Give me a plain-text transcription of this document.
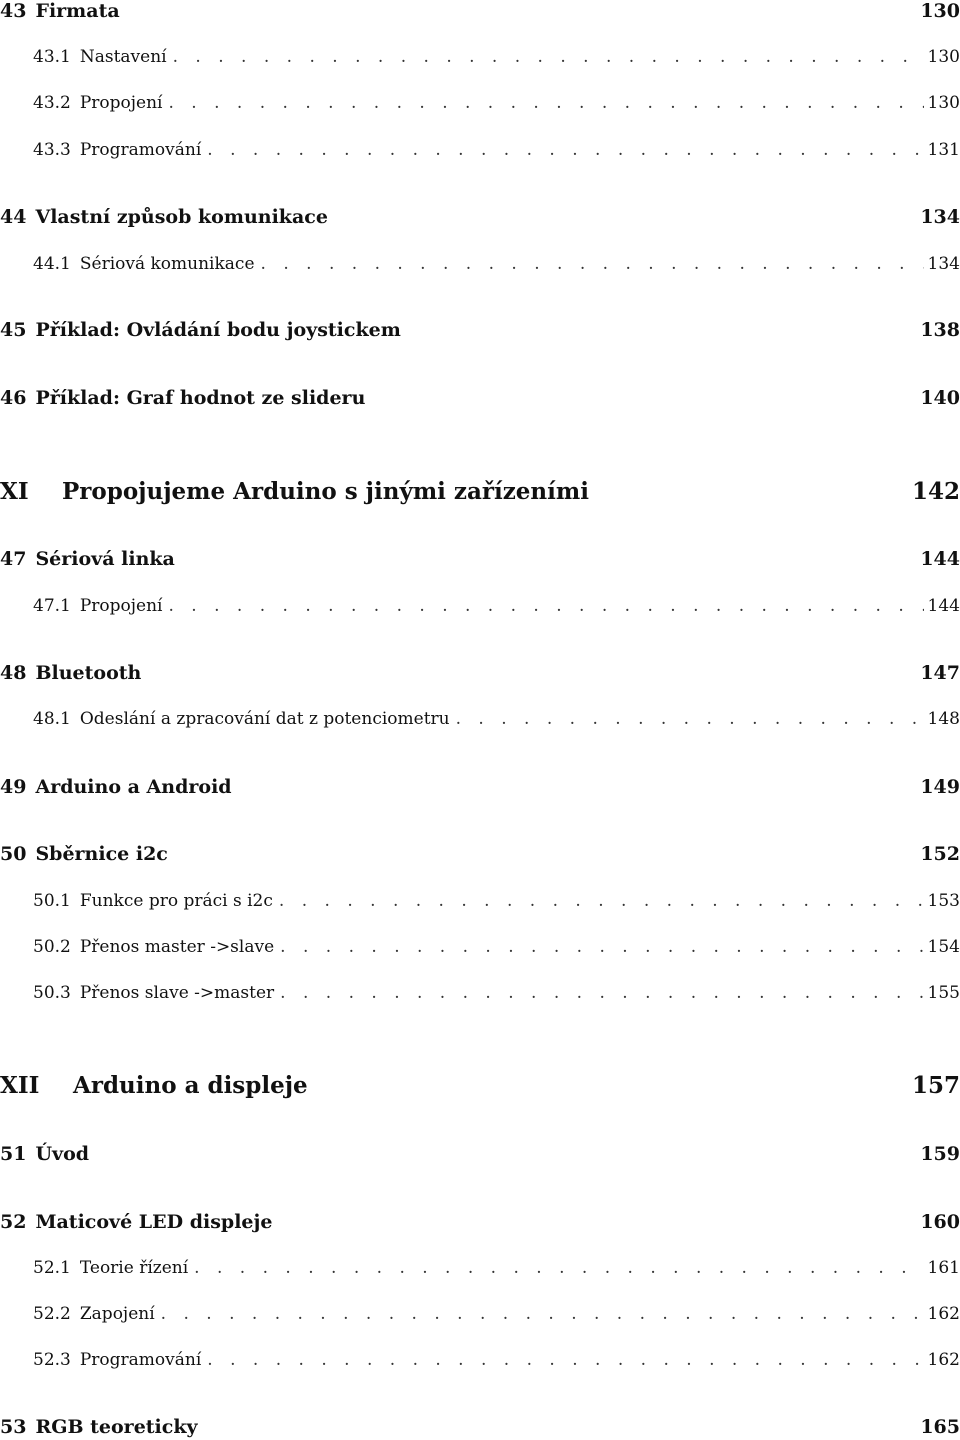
43 Firmata	130
43.1 Nastavení . . .	130
43.2 Propojení . . .	130
43.3 Programování . . .	131
44 Vlastní způsob komunikace	134
44.1 Sériová komunikace . . .	134
45 Příklad: Ovládání bodu joystickem	138
46 Příklad: Graf hodnot ze slideru	140
XI	Propojujeme Arduino s jinými zařízeními	142
47 Sériová linka	144
47.1 Propojení . . .	144
48 Bluetooth	147
48.1 Odeslání a zpracování dat z potenciometru . . .	148
49 Arduino a Android	149
50 Sběrnice i2c	152
50.1 Funkce pro práci s i2c . . .	153
50.2 Přenos master ->slave . . .	154
50.3 Přenos slave ->master . . .	155
XII	Arduino a displeje	157
51 Úvod	159
52 Maticové LED displeje	160
52.1 Teorie řízení . . .	161
52.2 Zapojení . . .	162
52.3 Programování . . .	162
53 RGB teoreticky	165
